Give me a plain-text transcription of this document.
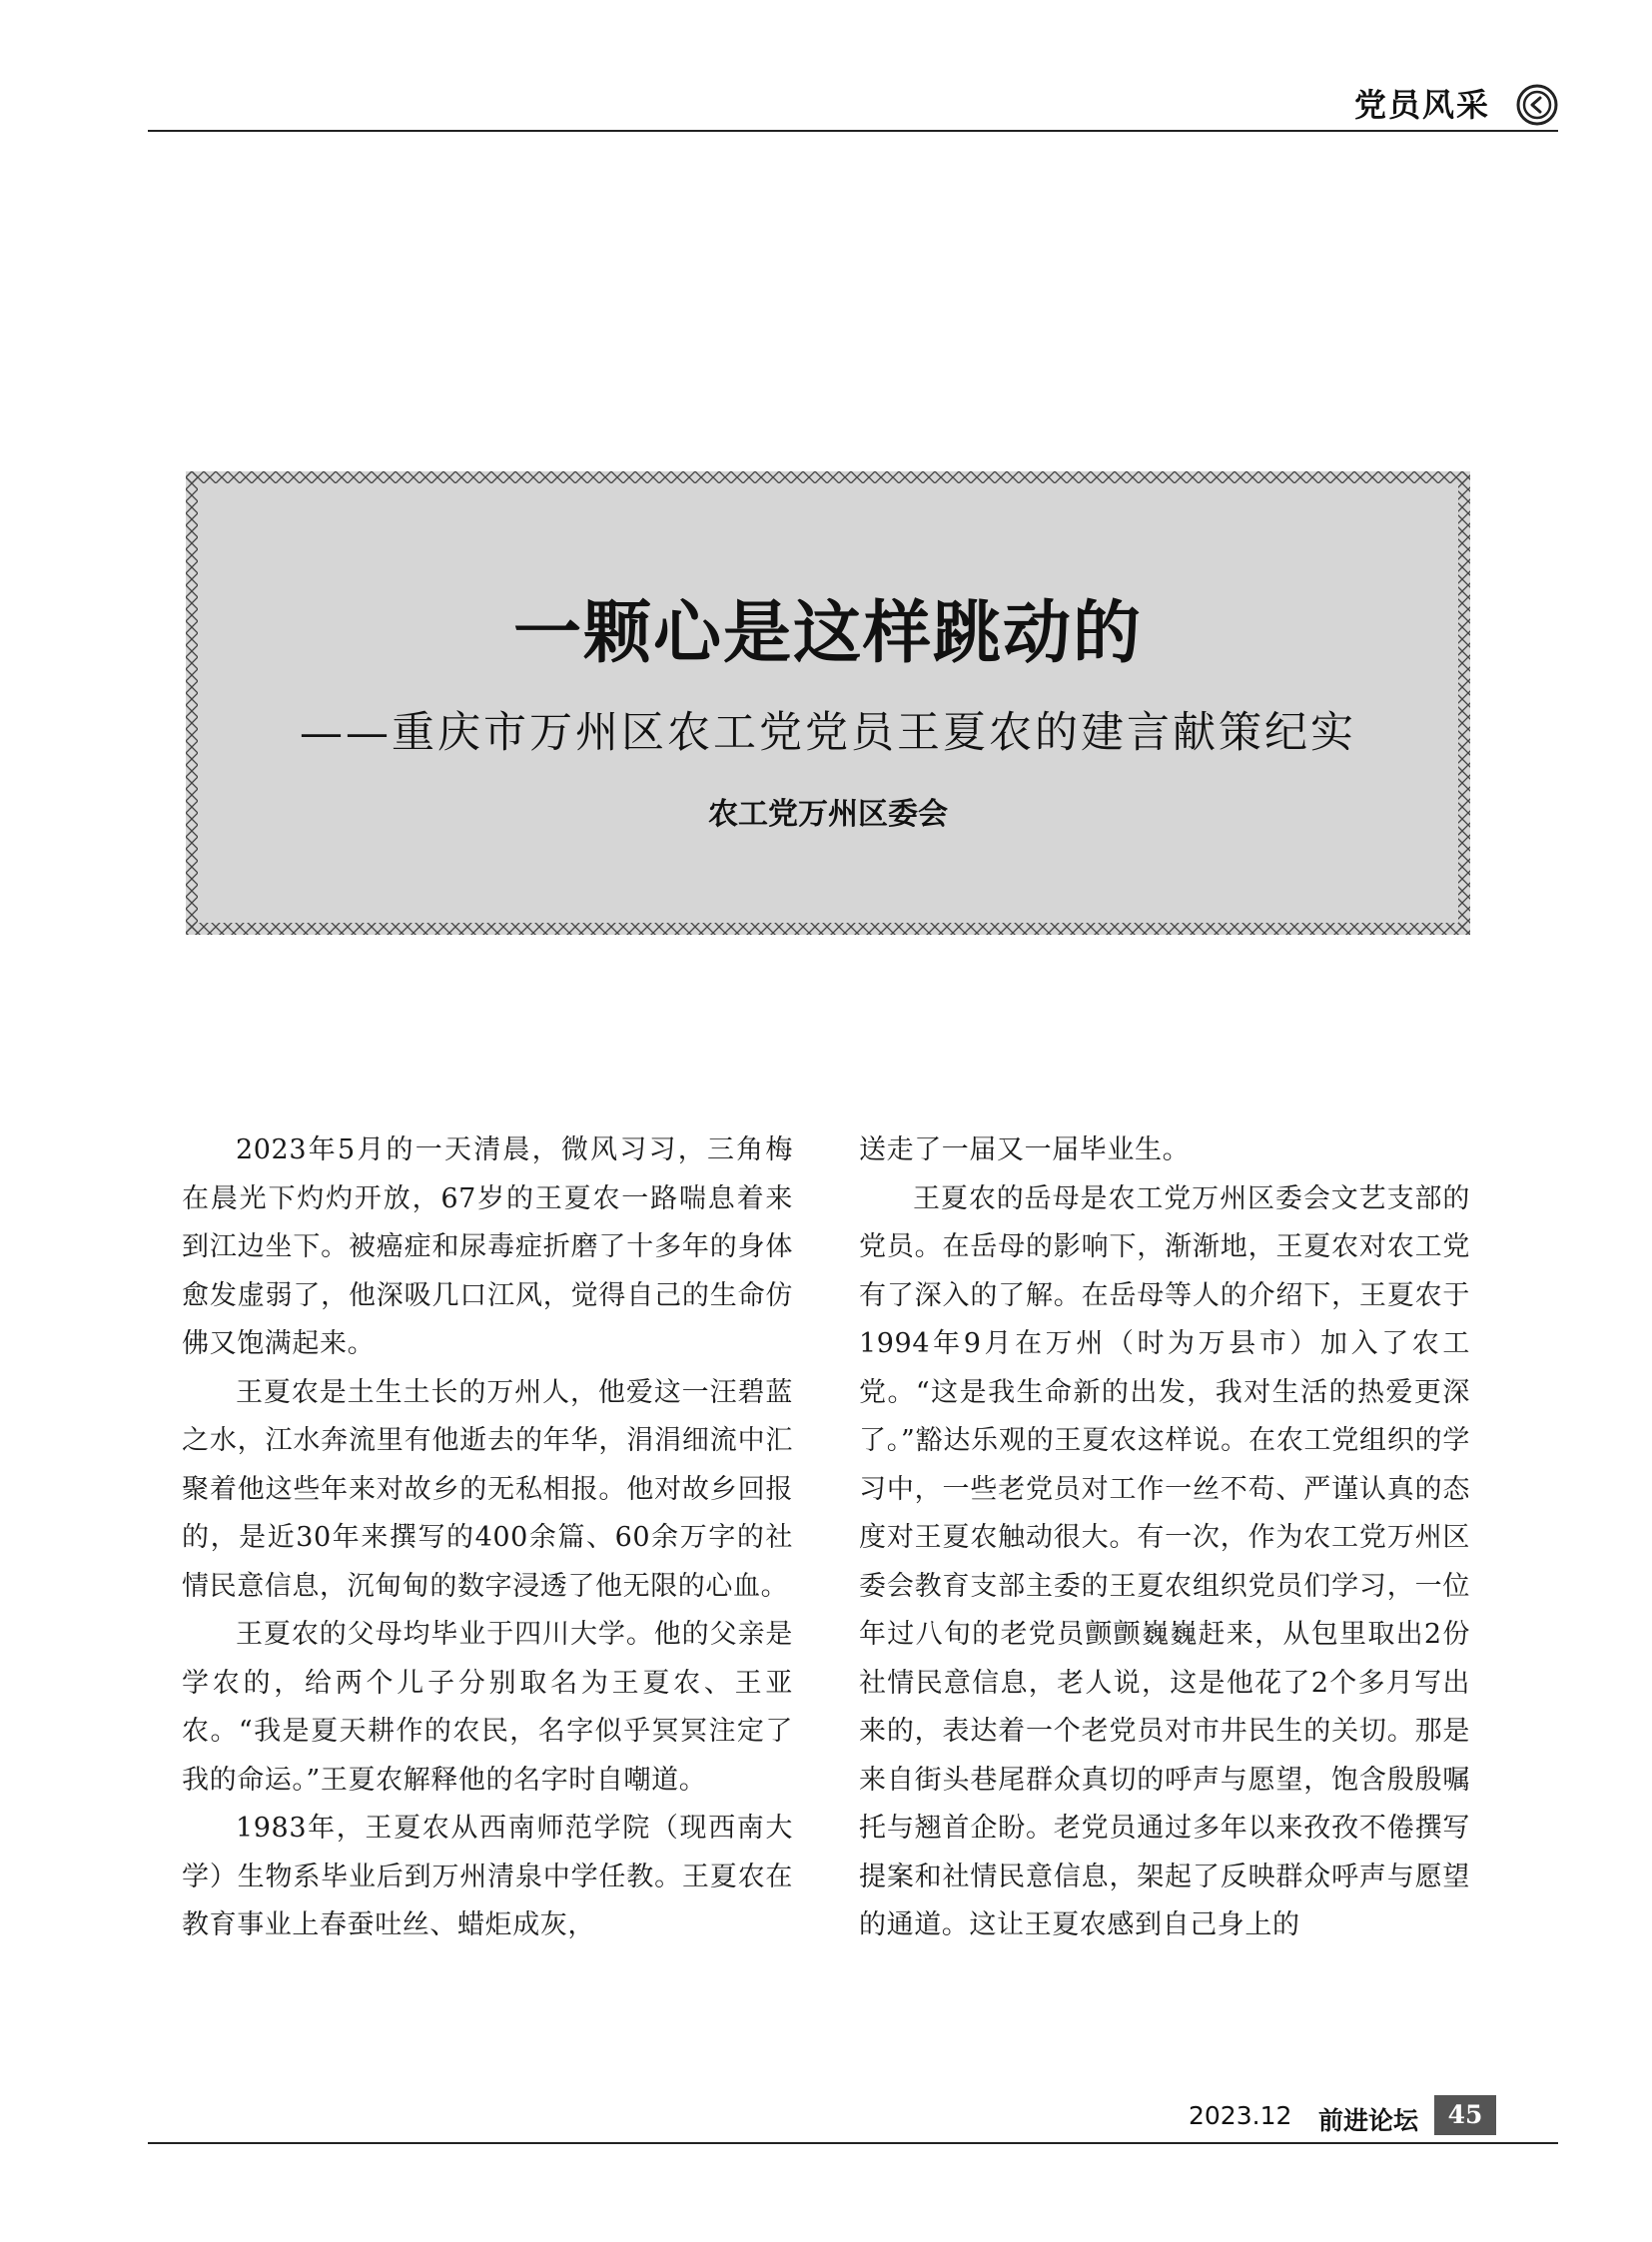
党员风采
一颗心是这样跳动的
——重庆市万州区农工党党员王夏农的建言献策纪实
农工党万州区委会

2023年5月的一天清晨，微风习习，三角梅在晨光下灼灼开放，67岁的王夏农一路喘息着来到江边坐下。被癌症和尿毒症折磨了十多年的身体愈发虚弱了，他深吸几口江风，觉得自己的生命仿佛又饱满起来。

王夏农是土生土长的万州人，他爱这一汪碧蓝之水，江水奔流里有他逝去的年华，涓涓细流中汇聚着他这些年来对故乡的无私相报。他对故乡回报的，是近30年来撰写的400余篇、60余万字的社情民意信息，沉甸甸的数字浸透了他无限的心血。

王夏农的父母均毕业于四川大学。他的父亲是学农的，给两个儿子分别取名为王夏农、王亚农。“我是夏天耕作的农民，名字似乎冥冥注定了我的命运。”王夏农解释他的名字时自嘲道。

1983年，王夏农从西南师范学院（现西南大学）生物系毕业后到万州清泉中学任教。王夏农在教育事业上春蚕吐丝、蜡炬成灰，

送走了一届又一届毕业生。

王夏农的岳母是农工党万州区委会文艺支部的党员。在岳母的影响下，渐渐地，王夏农对农工党有了深入的了解。在岳母等人的介绍下，王夏农于1994年9月在万州（时为万县市）加入了农工党。“这是我生命新的出发，我对生活的热爱更深了。”豁达乐观的王夏农这样说。在农工党组织的学习中，一些老党员对工作一丝不苟、严谨认真的态度对王夏农触动很大。有一次，作为农工党万州区委会教育支部主委的王夏农组织党员们学习，一位年过八旬的老党员颤颤巍巍赶来，从包里取出2份社情民意信息，老人说，这是他花了2个多月写出来的，表达着一个老党员对市井民生的关切。那是来自街头巷尾群众真切的呼声与愿望，饱含殷殷嘱托与翘首企盼。老党员通过多年以来孜孜不倦撰写提案和社情民意信息，架起了反映群众呼声与愿望的通道。这让王夏农感到自己身上的

2023.12 前进论坛	45
